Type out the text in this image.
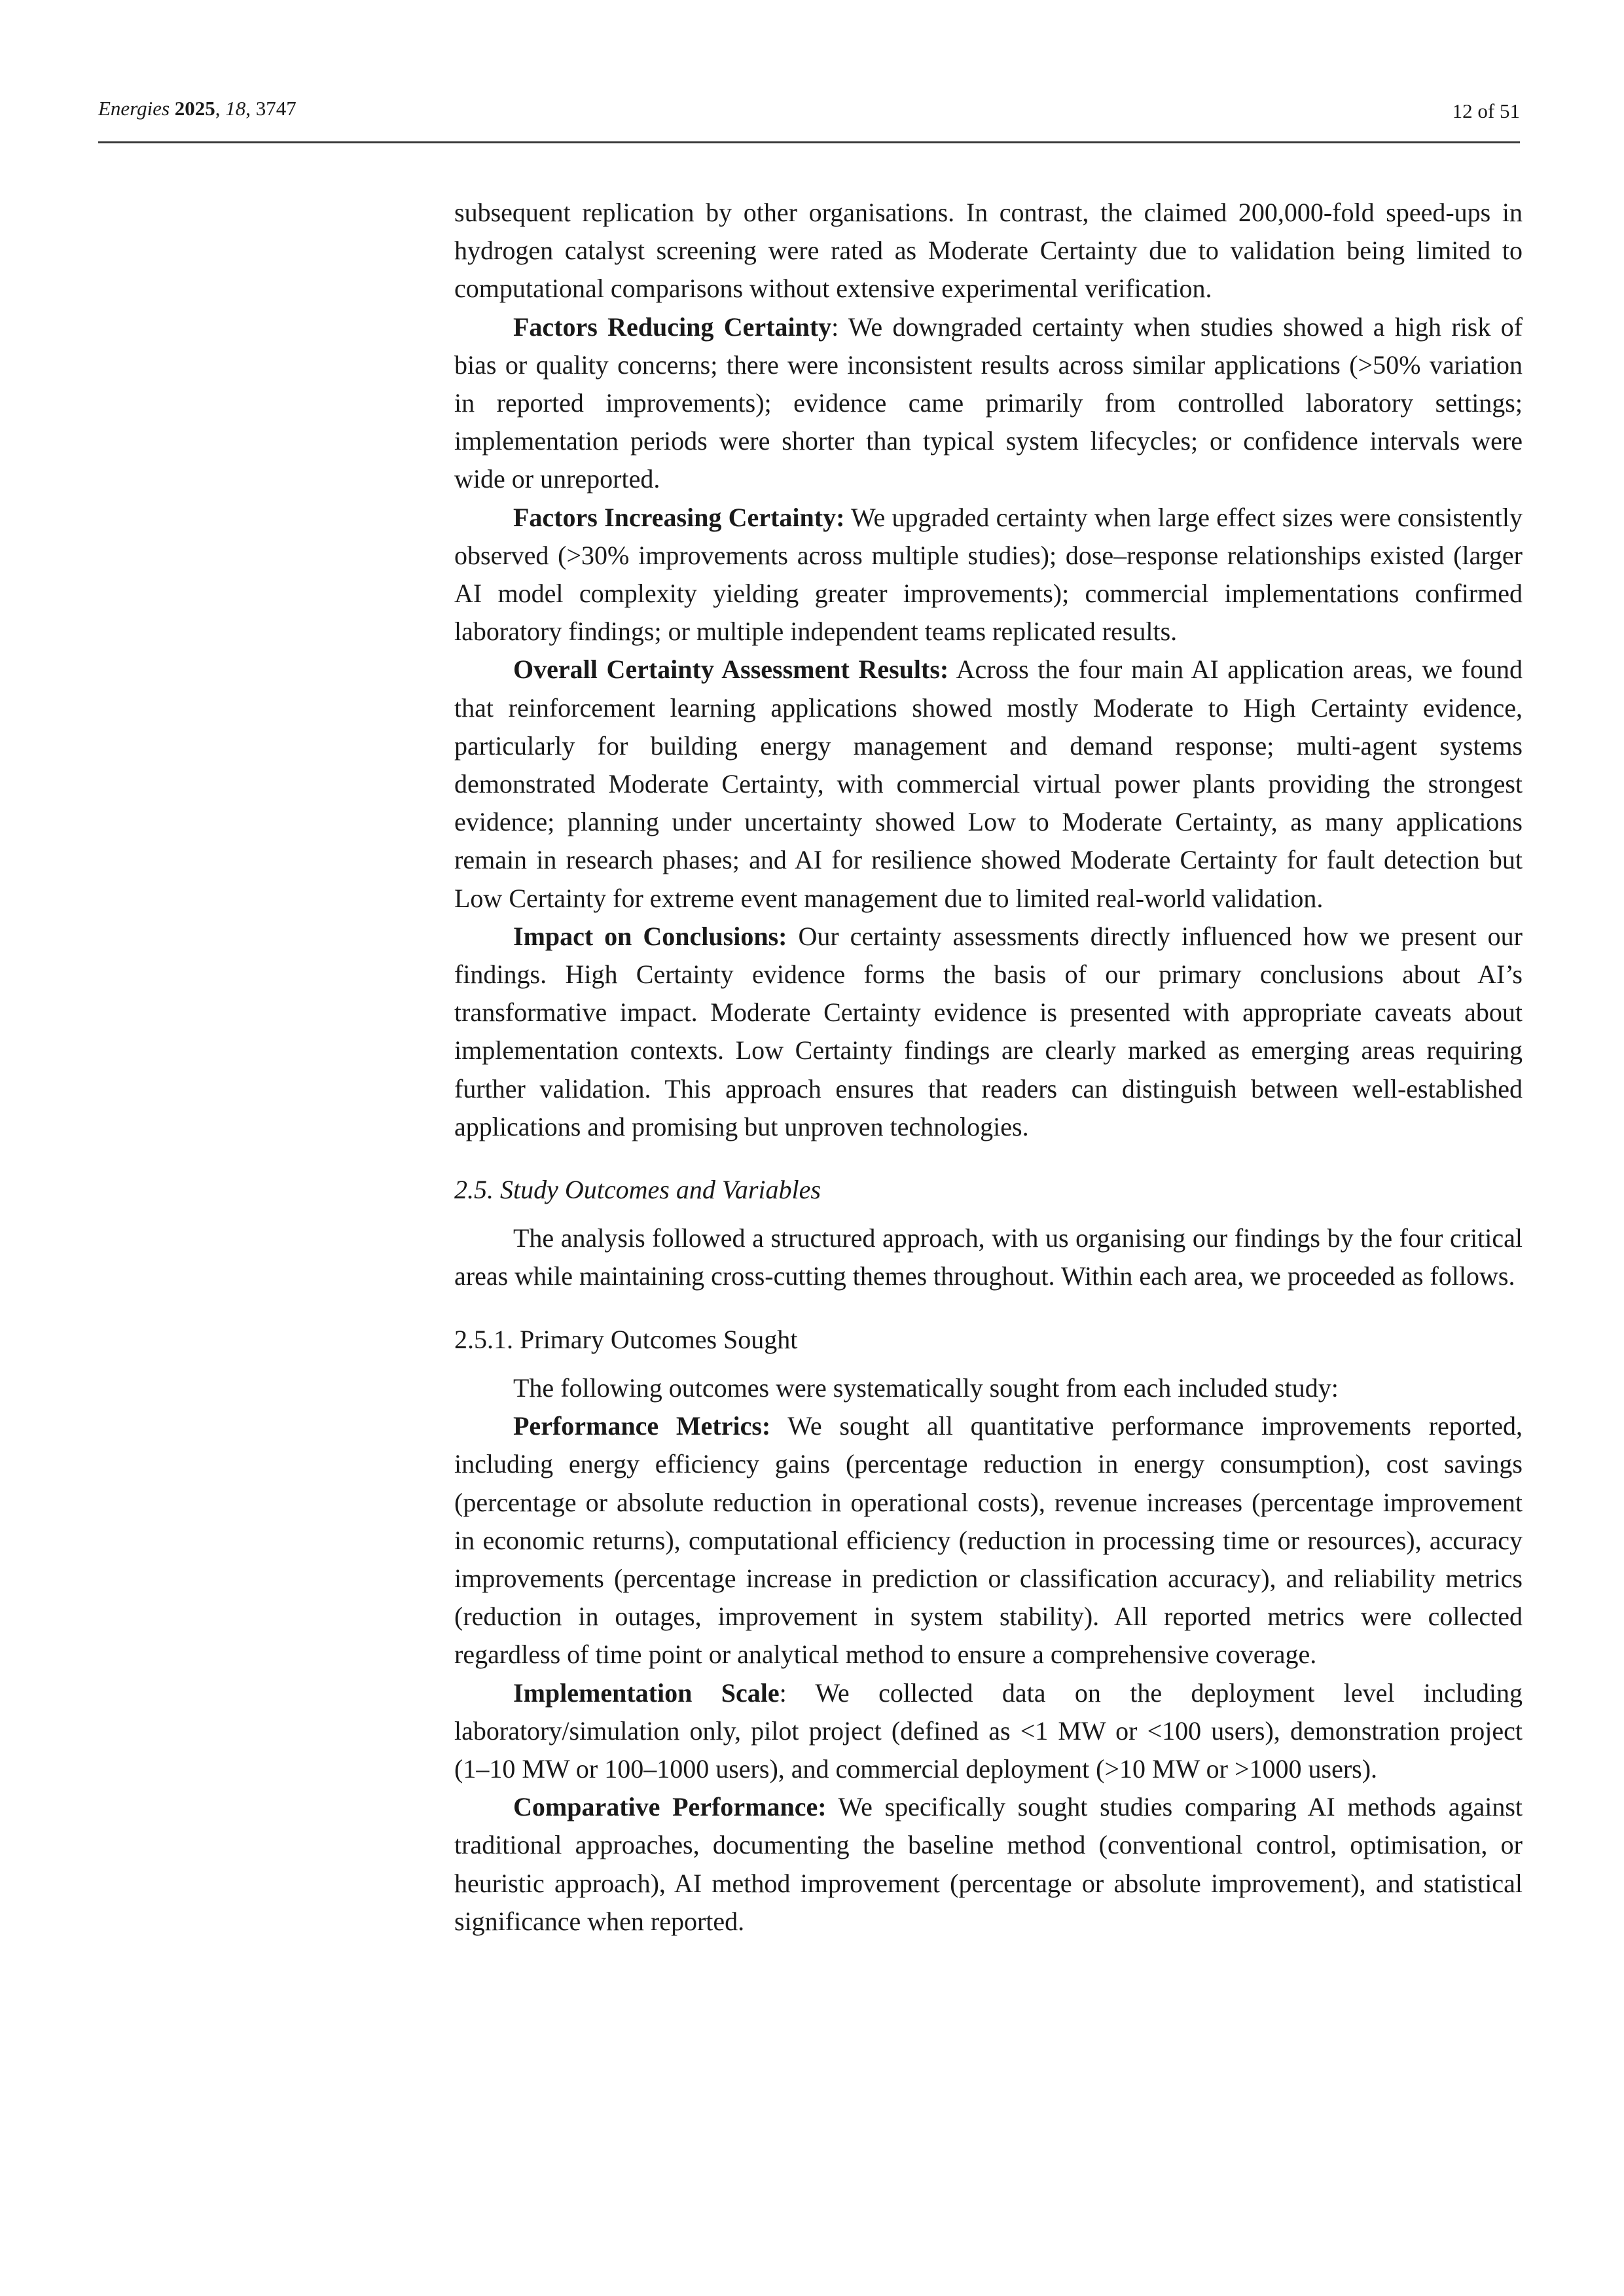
Energies 2025, 18, 3747	12 of 51

subsequent replication by other organisations. In contrast, the claimed 200,000-fold speed-ups in hydrogen catalyst screening were rated as Moderate Certainty due to validation being limited to computational comparisons without extensive experimental verification.

Factors Reducing Certainty: We downgraded certainty when studies showed a high risk of bias or quality concerns; there were inconsistent results across similar applications (>50% variation in reported improvements); evidence came primarily from controlled laboratory settings; implementation periods were shorter than typical system lifecycles; or confidence intervals were wide or unreported.

Factors Increasing Certainty: We upgraded certainty when large effect sizes were consistently observed (>30% improvements across multiple studies); dose–response relationships existed (larger AI model complexity yielding greater improvements); commercial implementations confirmed laboratory findings; or multiple independent teams replicated results.

Overall Certainty Assessment Results: Across the four main AI application areas, we found that reinforcement learning applications showed mostly Moderate to High Certainty evidence, particularly for building energy management and demand response; multi-agent systems demonstrated Moderate Certainty, with commercial virtual power plants providing the strongest evidence; planning under uncertainty showed Low to Moderate Certainty, as many applications remain in research phases; and AI for resilience showed Moderate Certainty for fault detection but Low Certainty for extreme event management due to limited real-world validation.

Impact on Conclusions: Our certainty assessments directly influenced how we present our findings. High Certainty evidence forms the basis of our primary conclusions about AI’s transformative impact. Moderate Certainty evidence is presented with appropriate caveats about implementation contexts. Low Certainty findings are clearly marked as emerging areas requiring further validation. This approach ensures that readers can distinguish between well-established applications and promising but unproven technologies.

2.5. Study Outcomes and Variables

The analysis followed a structured approach, with us organising our findings by the four critical areas while maintaining cross-cutting themes throughout. Within each area, we proceeded as follows.

2.5.1. Primary Outcomes Sought

The following outcomes were systematically sought from each included study:

Performance Metrics: We sought all quantitative performance improvements reported, including energy efficiency gains (percentage reduction in energy consumption), cost savings (percentage or absolute reduction in operational costs), revenue increases (percentage improvement in economic returns), computational efficiency (reduction in processing time or resources), accuracy improvements (percentage increase in prediction or classification accuracy), and reliability metrics (reduction in outages, improvement in system stability). All reported metrics were collected regardless of time point or analytical method to ensure a comprehensive coverage.

Implementation Scale: We collected data on the deployment level including laboratory/simulation only, pilot project (defined as <1 MW or <100 users), demonstration project (1–10 MW or 100–1000 users), and commercial deployment (>10 MW or >1000 users).

Comparative Performance: We specifically sought studies comparing AI methods against traditional approaches, documenting the baseline method (conventional control, optimisation, or heuristic approach), AI method improvement (percentage or absolute improvement), and statistical significance when reported.
